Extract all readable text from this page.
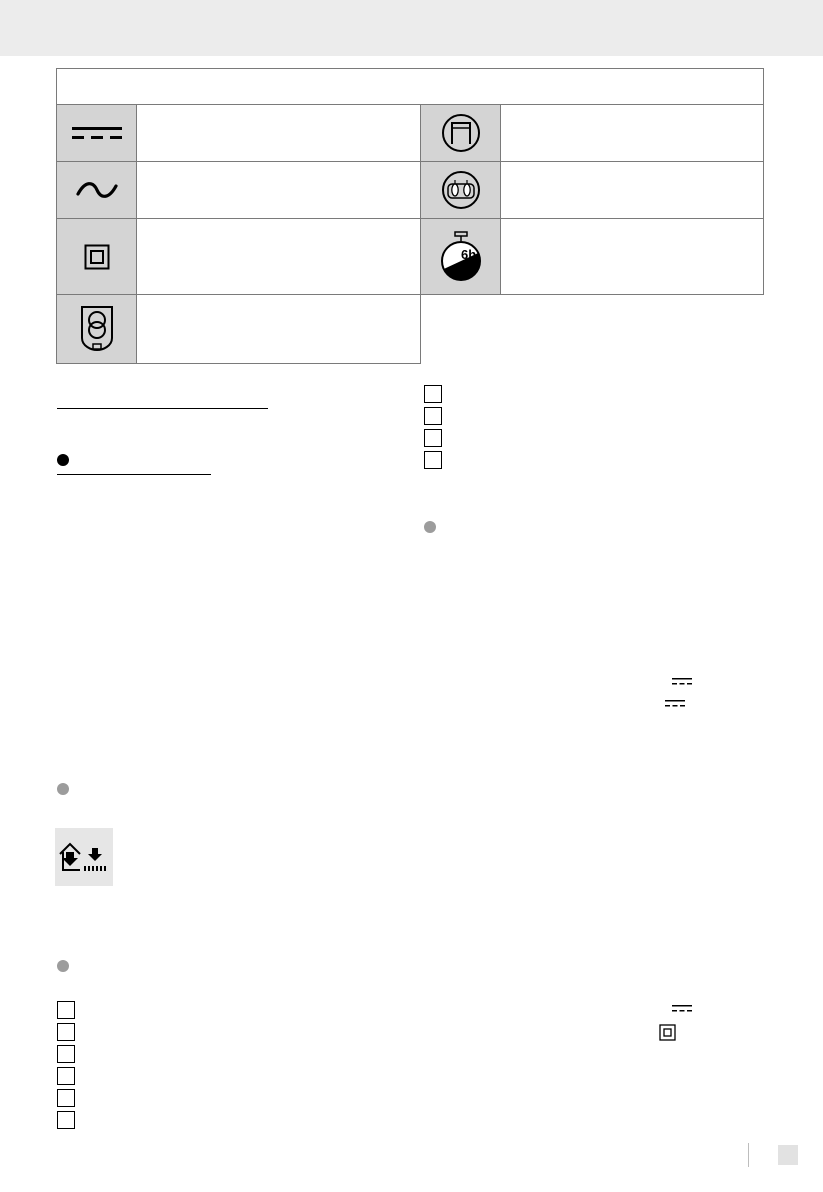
6h
